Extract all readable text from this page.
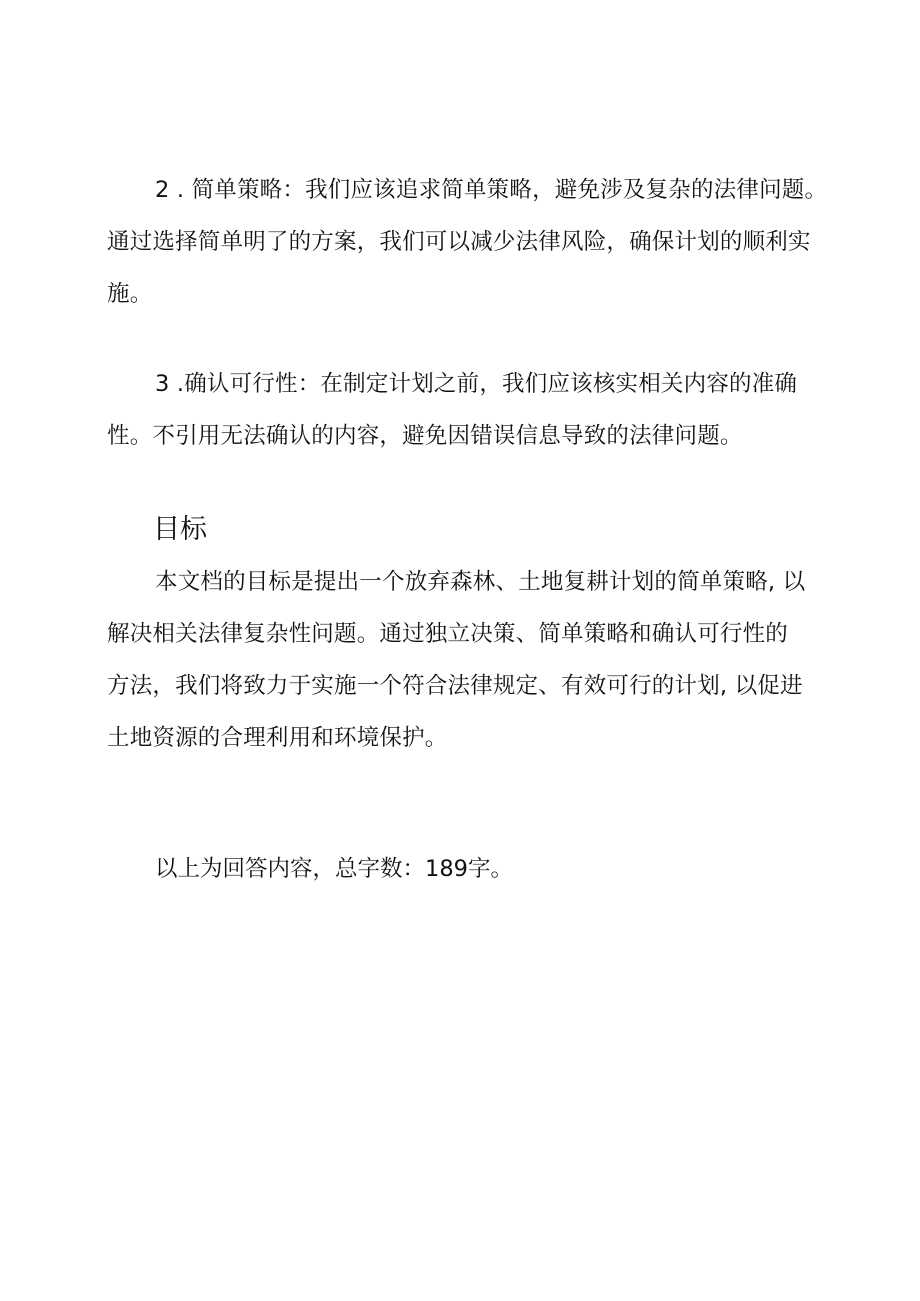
2 . 简单策略：我们应该追求简单策略，避免涉及复杂的法律问题。
通过选择简单明了的方案，我们可以减少法律风险，确保计划的顺利实
施。

3 .确认可行性：在制定计划之前，我们应该核实相关内容的准确
性。不引用无法确认的内容，避免因错误信息导致的法律问题。

目标

本文档的目标是提出一个放弃森林、土地复耕计划的简单策略, 以
解决相关法律复杂性问题。通过独立决策、简单策略和确认可行性的
方法，我们将致力于实施一个符合法律规定、有效可行的计划, 以促进
土地资源的合理利用和环境保护。

以上为回答内容，总字数：189字。
